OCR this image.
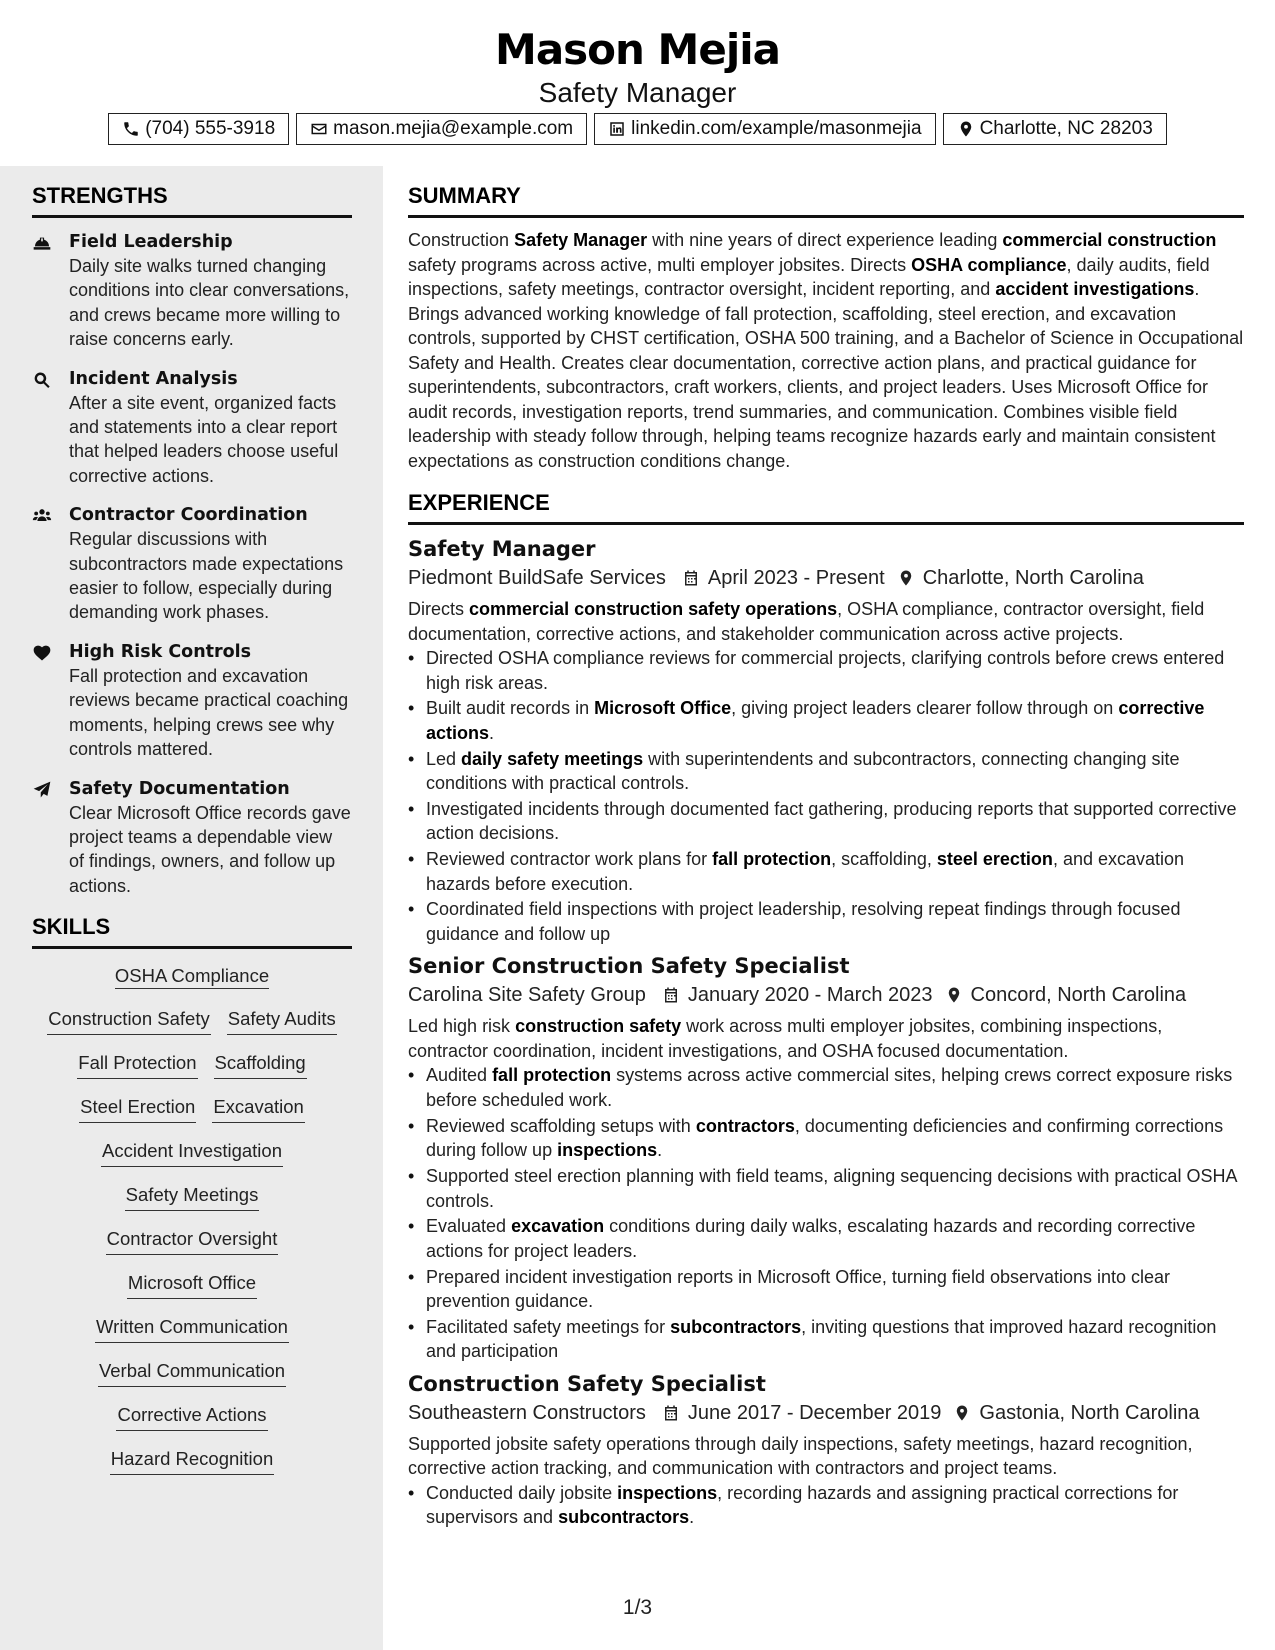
Mason Mejia
Safety Manager
(704) 555-3918	mason.mejia@example.com	linkedin.com/example/masonmejia	Charlotte, NC 28203
STRENGTHS
Field Leadership
Daily site walks turned changing conditions into clear conversations, and crews became more willing to raise concerns early.
Incident Analysis
After a site event, organized facts and statements into a clear report that helped leaders choose useful corrective actions.
Contractor Coordination
Regular discussions with subcontractors made expectations easier to follow, especially during demanding work phases.
High Risk Controls
Fall protection and excavation reviews became practical coaching moments, helping crews see why controls mattered.
Safety Documentation
Clear Microsoft Office records gave project teams a dependable view of findings, owners, and follow up actions.
SKILLS
OSHA Compliance
Construction Safety Safety Audits
Fall Protection Scaffolding
Steel Erection Excavation
Accident Investigation
Safety Meetings
Contractor Oversight
Microsoft Office
Written Communication
Verbal Communication
Corrective Actions
Hazard Recognition
SUMMARY

Construction Safety Manager with nine years of direct experience leading commercial construction safety programs across active, multi employer jobsites. Directs OSHA compliance, daily audits, field inspections, safety meetings, contractor oversight, incident reporting, and accident investigations. Brings advanced working knowledge of fall protection, scaffolding, steel erection, and excavation controls, supported by CHST certification, OSHA 500 training, and a Bachelor of Science in Occupational Safety and Health. Creates clear documentation, corrective action plans, and practical guidance for superintendents, subcontractors, craft workers, clients, and project leaders. Uses Microsoft Office for audit records, investigation reports, trend summaries, and communication. Combines visible field leadership with steady follow through, helping teams recognize hazards early and maintain consistent expectations as construction conditions change.

EXPERIENCE
Safety Manager
Piedmont BuildSafe Services April 2023 - Present Charlotte, North Carolina

Directs commercial construction safety operations, OSHA compliance, contractor oversight, field documentation, corrective actions, and stakeholder communication across active projects.

• Directed OSHA compliance reviews for commercial projects, clarifying controls before crews entered high risk areas.
• Built audit records in Microsoft Office, giving project leaders clearer follow through on corrective actions.
• Led daily safety meetings with superintendents and subcontractors, connecting changing site conditions with practical controls.
• Investigated incidents through documented fact gathering, producing reports that supported corrective action decisions.
• Reviewed contractor work plans for fall protection, scaffolding, steel erection, and excavation hazards before execution.
• Coordinated field inspections with project leadership, resolving repeat findings through focused guidance and follow up
Senior Construction Safety Specialist
Carolina Site Safety Group January 2020 - March 2023 Concord, North Carolina

Led high risk construction safety work across multi employer jobsites, combining inspections, contractor coordination, incident investigations, and OSHA focused documentation.

• Audited fall protection systems across active commercial sites, helping crews correct exposure risks before scheduled work.
• Reviewed scaffolding setups with contractors, documenting deficiencies and confirming corrections during follow up inspections.
• Supported steel erection planning with field teams, aligning sequencing decisions with practical OSHA controls.
• Evaluated excavation conditions during daily walks, escalating hazards and recording corrective actions for project leaders.
• Prepared incident investigation reports in Microsoft Office, turning field observations into clear prevention guidance.
• Facilitated safety meetings for subcontractors, inviting questions that improved hazard recognition and participation
Construction Safety Specialist
Southeastern Constructors June 2017 - December 2019 Gastonia, North Carolina

Supported jobsite safety operations through daily inspections, safety meetings, hazard recognition, corrective action tracking, and communication with contractors and project teams.

• Conducted daily jobsite inspections, recording hazards and assigning practical corrections for supervisors and subcontractors.
1/3
